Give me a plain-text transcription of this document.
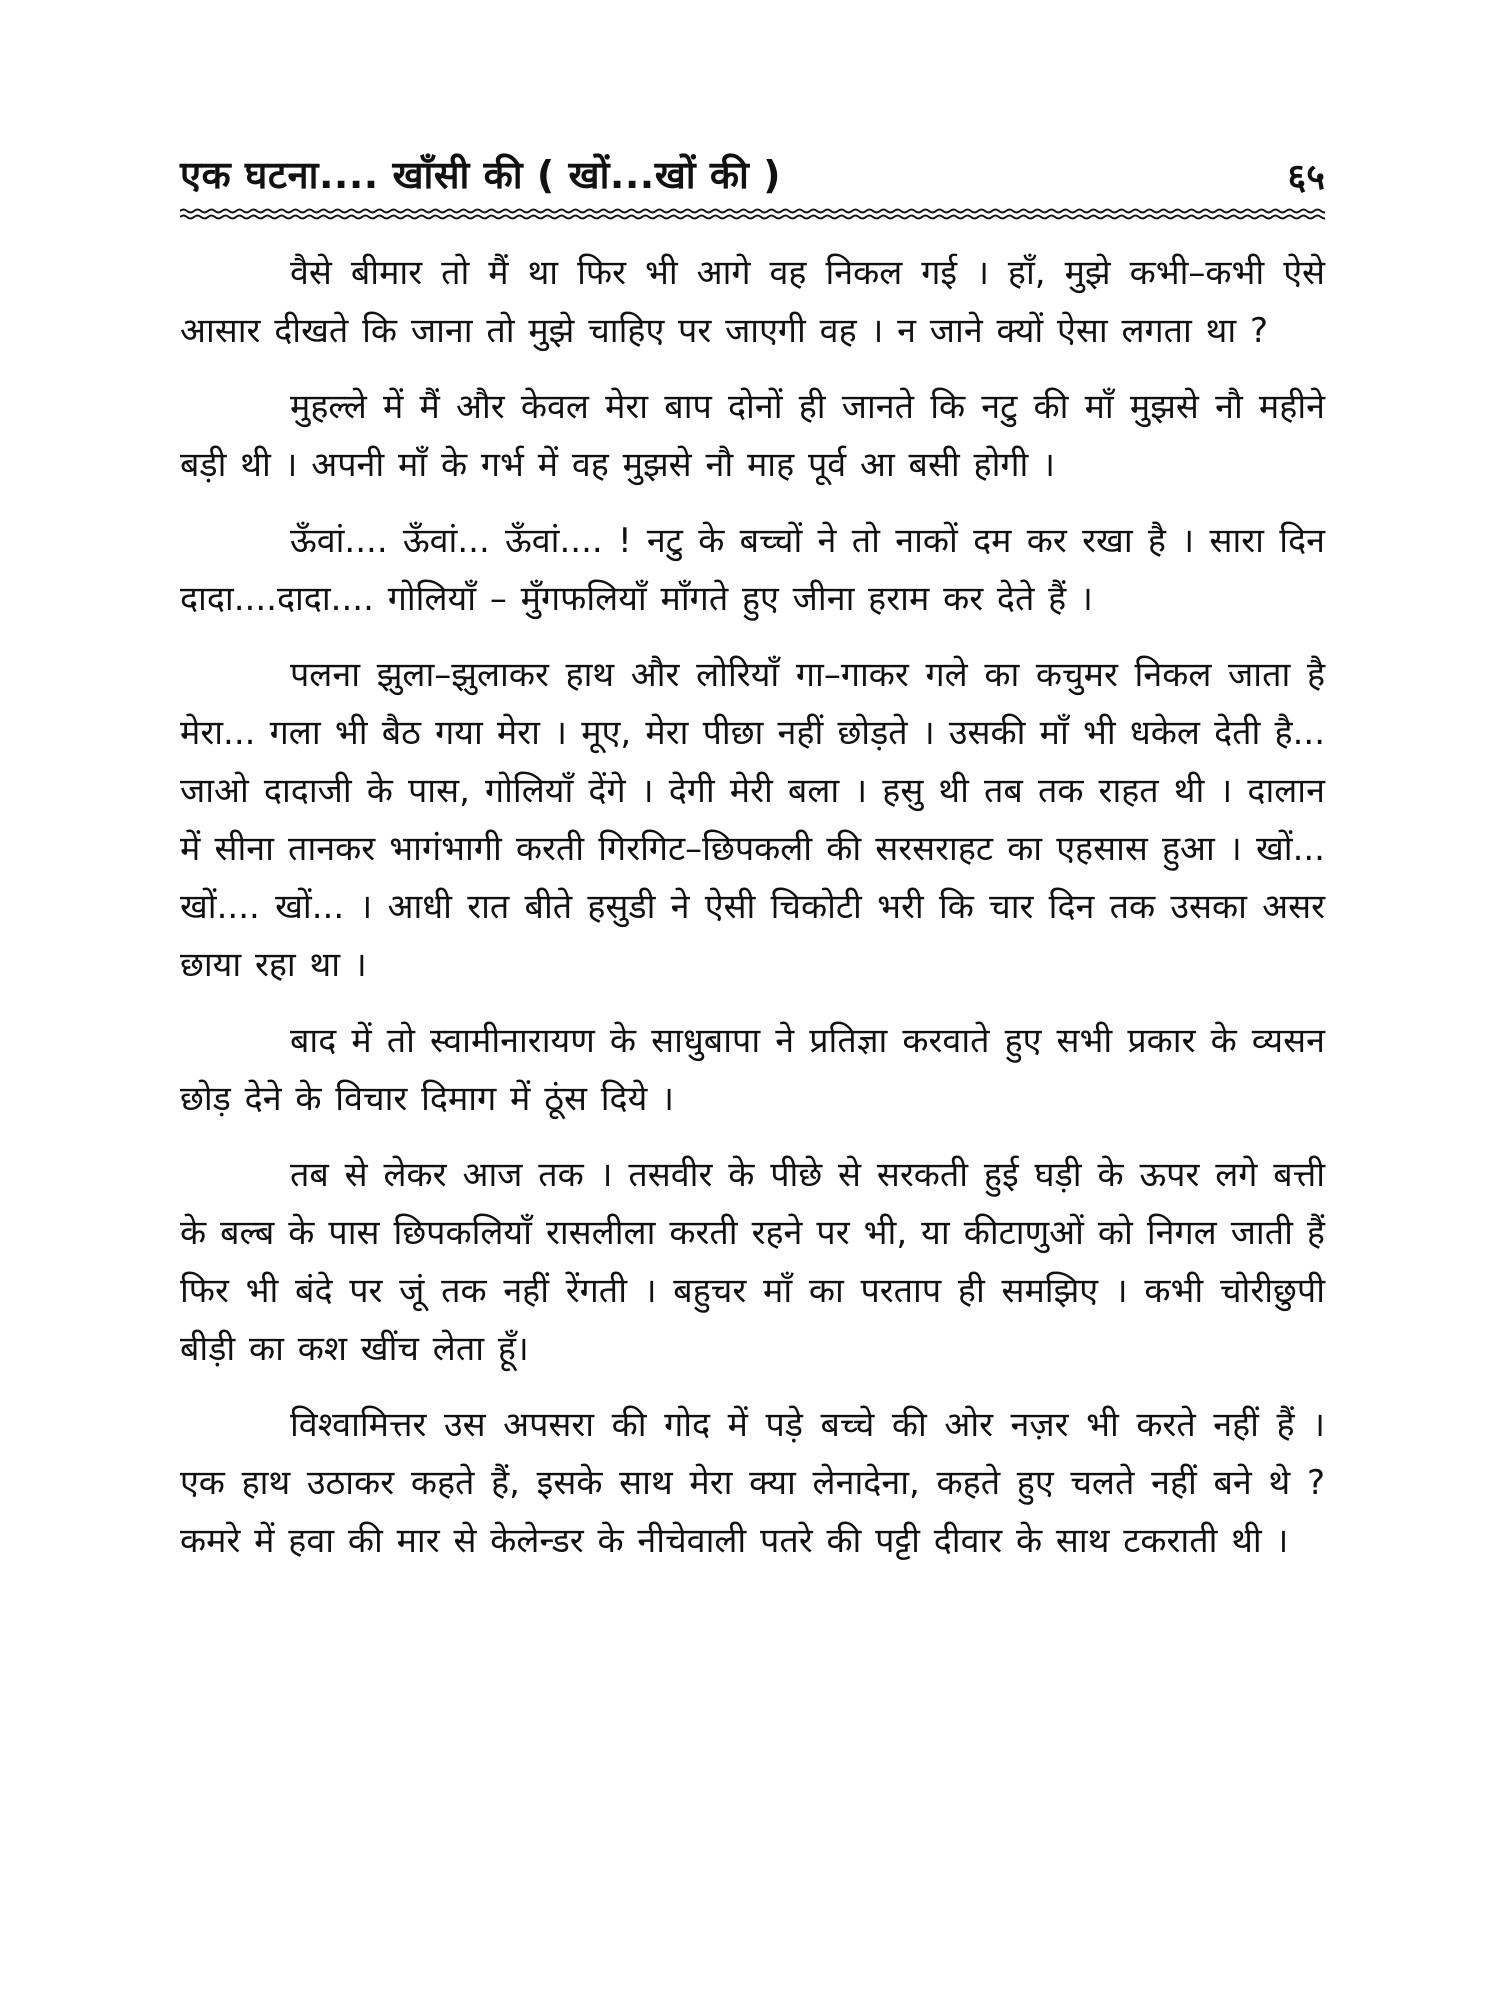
एक घटना.... खाँसी की ( खों...खों की )	६५

वैसे बीमार तो मैं था फिर भी आगे वह निकल गई । हाँ, मुझे कभी–कभी ऐसे आसार दीखते कि जाना तो मुझे चाहिए पर जाएगी वह । न जाने क्यों ऐसा लगता था ?

मुहल्ले में मैं और केवल मेरा बाप दोनों ही जानते कि नटु की माँ मुझसे नौ महीने बड़ी थी । अपनी माँ के गर्भ में वह मुझसे नौ माह पूर्व आ बसी होगी ।

ऊँवां.... ऊँवां... ऊँवां.... ! नटु के बच्चों ने तो नाकों दम कर रखा है । सारा दिन दादा....दादा.... गोलियाँ – मुँगफलियाँ माँगते हुए जीना हराम कर देते हैं ।

पलना झुला–झुलाकर हाथ और लोरियाँ गा–गाकर गले का कचुमर निकल जाता है मेरा... गला भी बैठ गया मेरा । मूए, मेरा पीछा नहीं छोड़ते । उसकी माँ भी धकेल देती है... जाओ दादाजी के पास, गोलियाँ देंगे । देगी मेरी बला । हसु थी तब तक राहत थी । दालान में सीना तानकर भागंभागी करती गिरगिट–छिपकली की सरसराहट का एहसास हुआ । खों... खों.... खों... । आधी रात बीते हसुडी ने ऐसी चिकोटी भरी कि चार दिन तक उसका असर छाया रहा था ।

बाद में तो स्वामीनारायण के साधुबापा ने प्रतिज्ञा करवाते हुए सभी प्रकार के व्यसन छोड़ देने के विचार दिमाग में ठूंस दिये ।

तब से लेकर आज तक । तसवीर के पीछे से सरकती हुई घड़ी के ऊपर लगे बत्ती के बल्ब के पास छिपकलियाँ रासलीला करती रहने पर भी, या कीटाणुओं को निगल जाती हैं फिर भी बंदे पर जूं तक नहीं रेंगती । बहुचर माँ का परताप ही समझिए । कभी चोरीछुपी बीड़ी का कश खींच लेता हूँ।

विश्वामित्तर उस अपसरा की गोद में पड़े बच्चे की ओर नज़र भी करते नहीं हैं । एक हाथ उठाकर कहते हैं, इसके साथ मेरा क्या लेनादेना, कहते हुए चलते नहीं बने थे ? कमरे में हवा की मार से केलेन्डर के नीचेवाली पतरे की पट्टी दीवार के साथ टकराती थी ।
